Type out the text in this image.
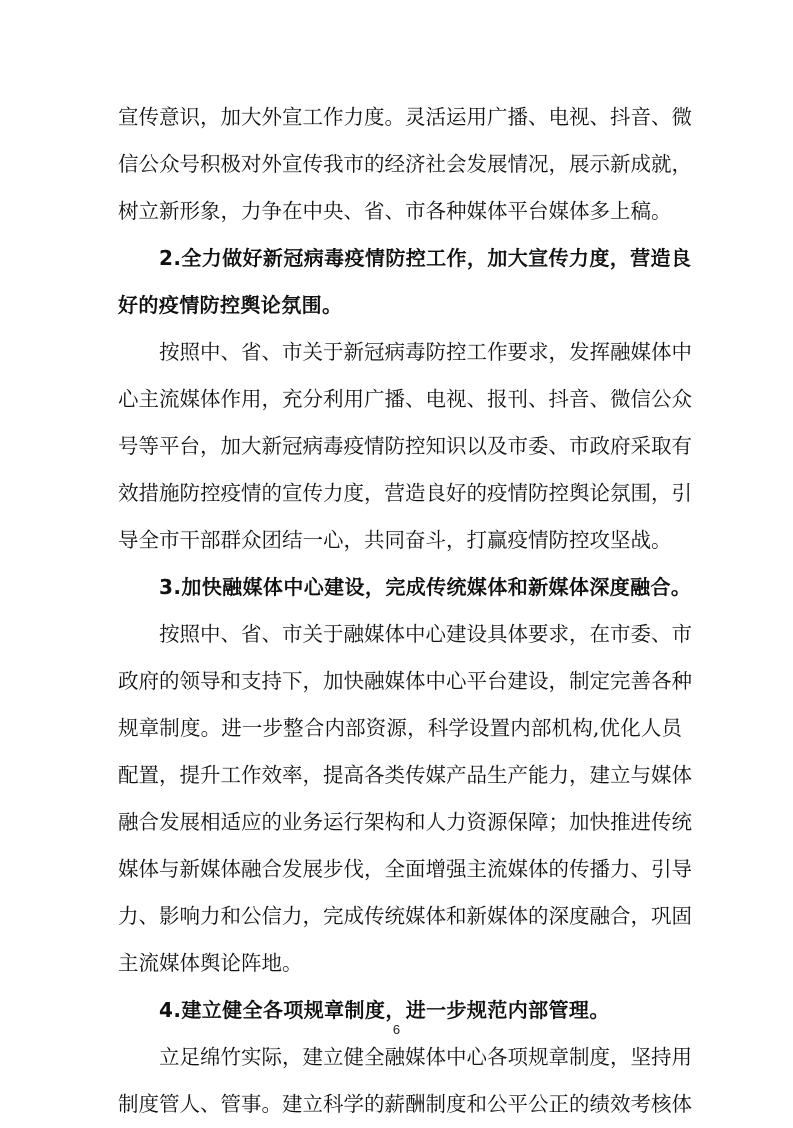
宣传意识，加大外宣工作力度。灵活运用广播、电视、抖音、微
信公众号积极对外宣传我市的经济社会发展情况，展示新成就，
树立新形象，力争在中央、省、市各种媒体平台媒体多上稿。
2.全力做好新冠病毒疫情防控工作，加大宣传力度，营造良
好的疫情防控舆论氛围。
按照中、省、市关于新冠病毒防控工作要求，发挥融媒体中
心主流媒体作用，充分利用广播、电视、报刊、抖音、微信公众
号等平台，加大新冠病毒疫情防控知识以及市委、市政府采取有
效措施防控疫情的宣传力度，营造良好的疫情防控舆论氛围，引
导全市干部群众团结一心，共同奋斗，打赢疫情防控攻坚战。
3.加快融媒体中心建设，完成传统媒体和新媒体深度融合。
按照中、省、市关于融媒体中心建设具体要求，在市委、市
政府的领导和支持下，加快融媒体中心平台建设，制定完善各种
规章制度。进一步整合内部资源，科学设置内部机构,优化人员
配置，提升工作效率，提高各类传媒产品生产能力，建立与媒体
融合发展相适应的业务运行架构和人力资源保障；加快推进传统
媒体与新媒体融合发展步伐，全面增强主流媒体的传播力、引导
力、影响力和公信力，完成传统媒体和新媒体的深度融合，巩固
主流媒体舆论阵地。
4.建立健全各项规章制度，进一步规范内部管理。
立足绵竹实际，建立健全融媒体中心各项规章制度，坚持用
制度管人、管事。建立科学的薪酬制度和公平公正的绩效考核体
6
